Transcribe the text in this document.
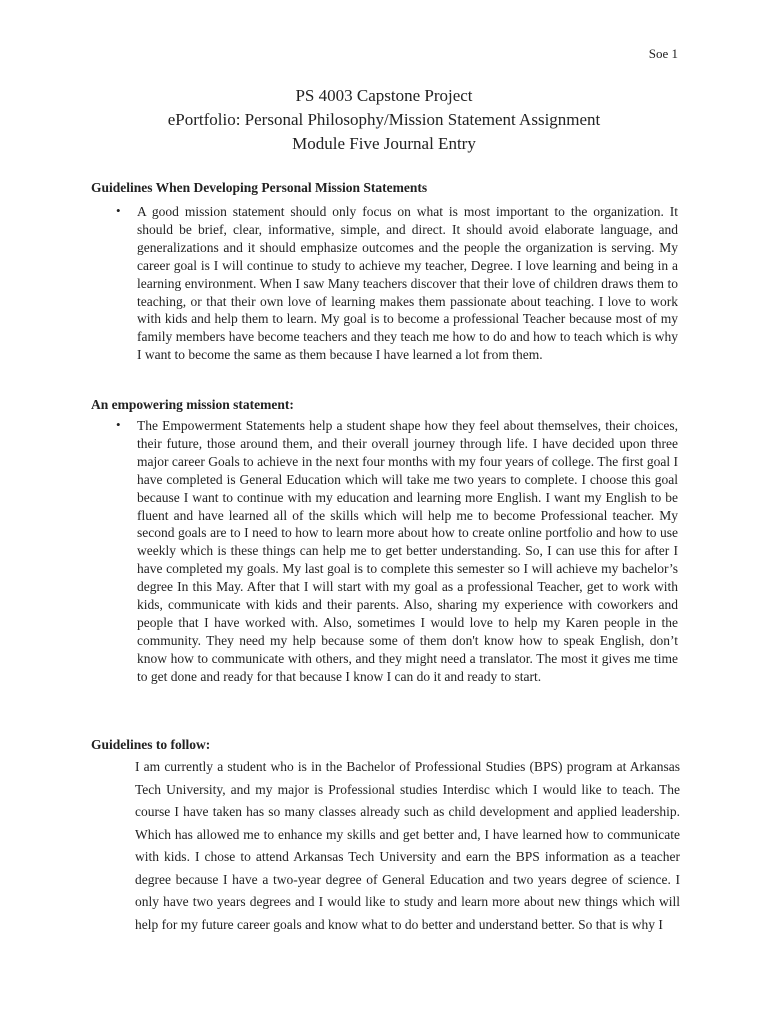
Soe 1
PS 4003 Capstone Project
ePortfolio: Personal Philosophy/Mission Statement Assignment
Module Five Journal Entry
Guidelines When Developing Personal Mission Statements
• A good mission statement should only focus on what is most important to the organization. It should be brief, clear, informative, simple, and direct. It should avoid elaborate language, and generalizations and it should emphasize outcomes and the people the organization is serving. My career goal is I will continue to study to achieve my teacher, Degree. I love learning and being in a learning environment. When I saw Many teachers discover that their love of children draws them to teaching, or that their own love of learning makes them passionate about teaching. I love to work with kids and help them to learn. My goal is to become a professional Teacher because most of my family members have become teachers and they teach me how to do and how to teach which is why I want to become the same as them because I have learned a lot from them.
An empowering mission statement:
• The Empowerment Statements help a student shape how they feel about themselves, their choices, their future, those around them, and their overall journey through life. I have decided upon three major career Goals to achieve in the next four months with my four years of college. The first goal I have completed is General Education which will take me two years to complete. I choose this goal because I want to continue with my education and learning more English. I want my English to be fluent and have learned all of the skills which will help me to become Professional teacher. My second goals are to I need to how to learn more about how to create online portfolio and how to use weekly which is these things can help me to get better understanding. So, I can use this for after I have completed my goals. My last goal is to complete this semester so I will achieve my bachelor’s degree In this May. After that I will start with my goal as a professional Teacher, get to work with kids, communicate with kids and their parents. Also, sharing my experience with coworkers and people that I have worked with. Also, sometimes I would love to help my Karen people in the community. They need my help because some of them don't know how to speak English, don’t know how to communicate with others, and they might need a translator. The most it gives me time to get done and ready for that because I know I can do it and ready to start.
Guidelines to follow:
I am currently a student who is in the Bachelor of Professional Studies (BPS) program at Arkansas Tech University, and my major is Professional studies Interdisc which I would like to teach. The course I have taken has so many classes already such as child development and applied leadership. Which has allowed me to enhance my skills and get better and, I have learned how to communicate with kids. I chose to attend Arkansas Tech University and earn the BPS information as a teacher degree because I have a two-year degree of General Education and two years degree of science. I only have two years degrees and I would like to study and learn more about new things which will help for my future career goals and know what to do better and understand better. So that is why I
